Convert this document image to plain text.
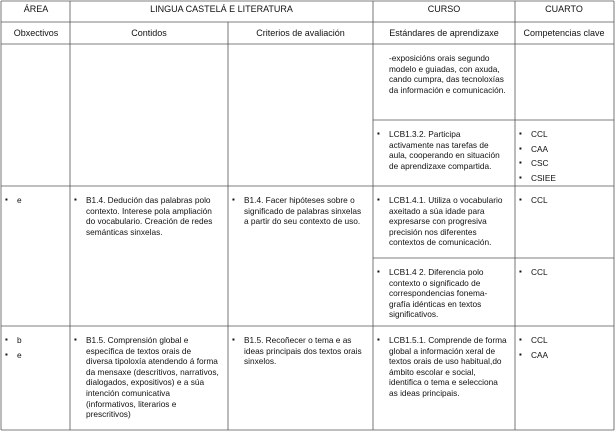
ÁREA	LINGUA CASTELÁ E LITERATURA	CURSO	CUARTO
Obxectivos	Contidos	Criterios de avaliación	Estándares de aprendizaxe	Competencias clave
-exposicións orais segundo modelo e guiadas, con axuda, cando cumpra, das tecnoloxías da información e comunicación.
▪ LCB1.3.2. Participa activamente nas tarefas de aula, cooperando en situación de aprendizaxe compartida.
▪ CCL
▪ CAA
▪ CSC
▪ CSIEE
▪ e
▪	B1.4. Dedución das palabras polo contexto. Interese pola ampliación do vocabulario. Creación de redes semánticas sinxelas.
▪ B1.4. Facer hipóteses sobre o significado de palabras sinxelas a partir do seu contexto de uso.
▪ LCB1.4.1. Utiliza o vocabulario axeitado a súa idade para expresarse con progresiva precisión nos diferentes contextos de comunicación.
▪ CCL
▪ LCB1.4 2. Diferencia polo contexto o significado de correspondencias fonema-grafía idénticas en textos significativos.
▪ CCL
▪ b
▪ e
▪ B1.5. Comprensión global e específica de textos orais de diversa tipoloxía atendendo á forma da mensaxe (descritivos, narrativos, dialogados, expositivos) e a súa intención comunicativa (informativos, literarios e prescritivos)
▪ B1.5. Recoñecer o tema e as ideas principais dos textos orais sinxelos.
▪ LCB1.5.1. Comprende de forma global a información xeral de textos orais de uso habitual,do ámbito escolar e social, identifica o tema e selecciona as ideas principais.
▪ CCL
▪ CAA
